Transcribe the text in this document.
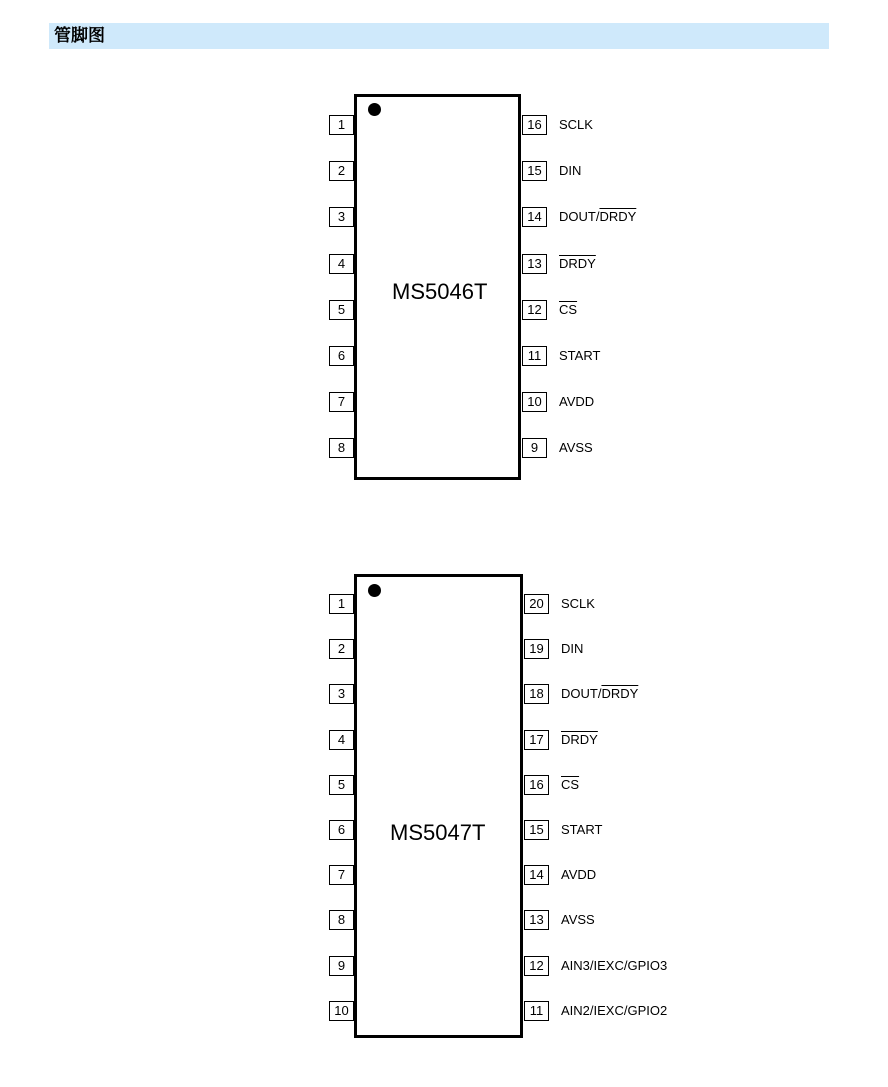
管脚图
MS5046T
1
2
3
4
5
6
7
8
16	SCLK
15	DIN
14	DOUT/DRDY
13	DRDY
12	$\overline{CS}$
11	START
10	AVDD
9	AVSS
MS5047T
1
2
3
4
5
6
7
8
9
10
20	SCLK
19	DIN
18	DOUT/DRDY
17	DRDY
16	$\overline{CS}$
15	START
14	AVDD
13	AVSS
12	AIN3/IEXC/GPIO3
11	AIN2/IEXC/GPIO2
